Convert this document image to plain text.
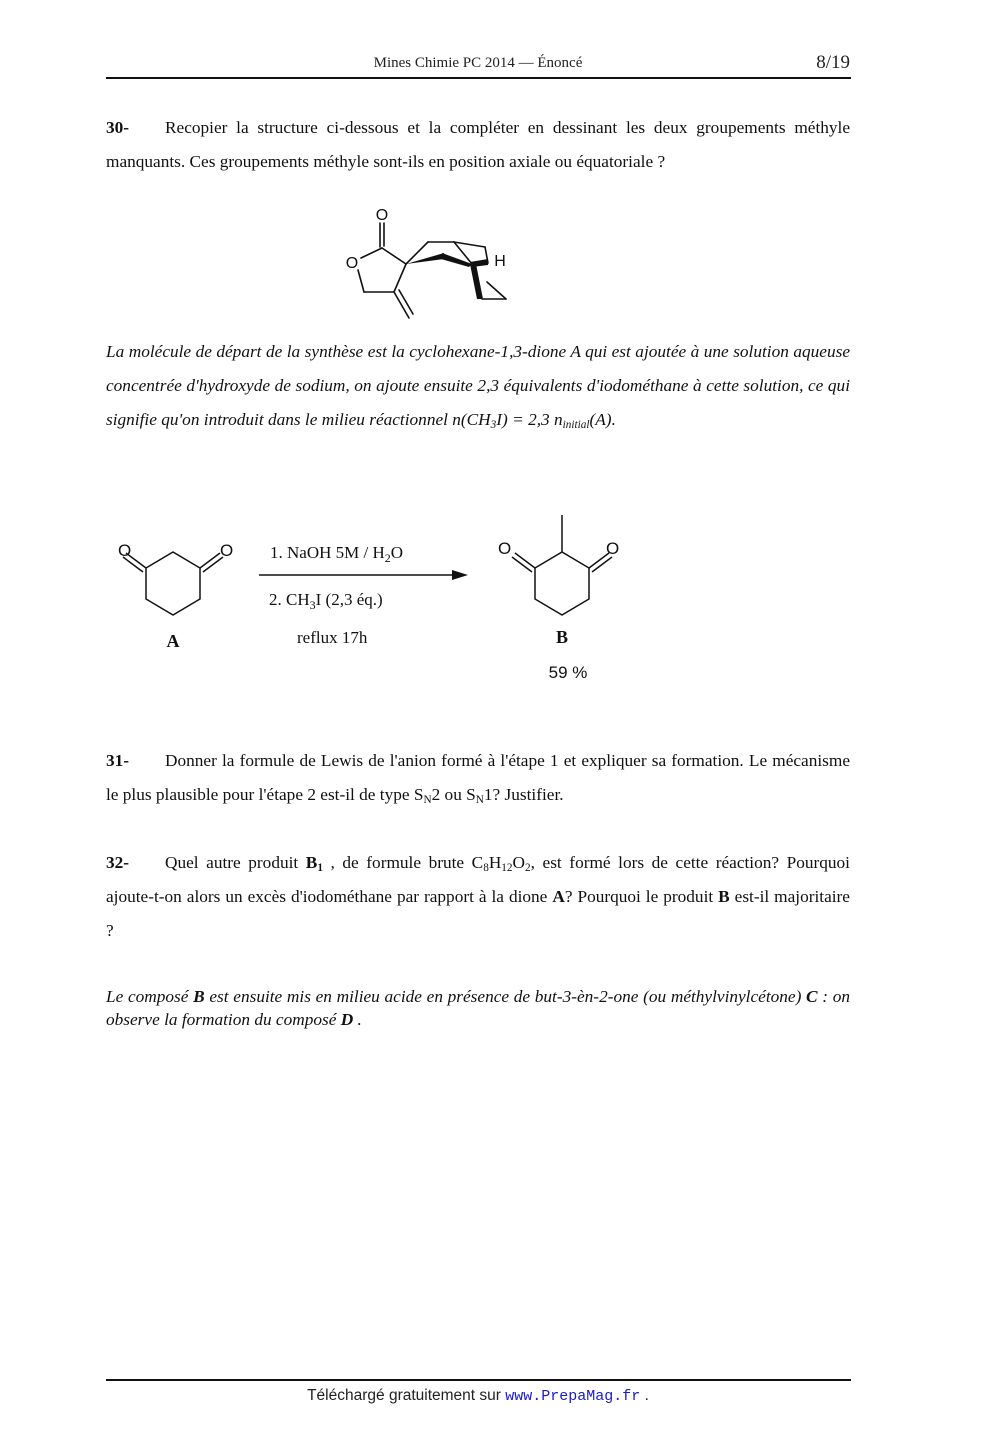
Mines Chimie PC 2014 — Énoncé	8/19
30- Recopier la structure ci-dessous et la compléter en dessinant les deux groupements méthyle manquants. Ces groupements méthyle sont-ils en position axiale ou équatoriale ?
O
O	H
La molécule de départ de la synthèse est la cyclohexane-1,3-dione A qui est ajoutée à une solution aqueuse concentrée d'hydroxyde de sodium, on ajoute ensuite 2,3 équivalents d'iodométhane à cette solution, ce qui signifie qu'on introduit dans le milieu réactionnel $n(CH_3I) = 2,3$ $n_{initial}(A)$.
O	O	O	O
A	B
59 %
1. NaOH $5M / H_2O$
2. $CH_3I$ (2,3 éq.)
reflux 17h
31- Donner la formule de Lewis de l'anion formé à l'étape 1 et expliquer sa formation. Le mécanisme le plus plausible pour l'étape 2 est-il de type $S_N2$ ou $S_N1$? Justifier.
32- Quel autre produit $B_1$ , de formule brute $C_8H_{12}O_2$, est formé lors de cette réaction? Pourquoi ajoute-t-on alors un excès d'iodométhane par rapport à la dione A? Pourquoi le produit B est-il majoritaire ?
Le composé B est ensuite mis en milieu acide en présence de but-3-èn-2-one (ou méthylvinylcétone) C : on observe la formation du composé D .
Téléchargé gratuitement sur www.PrepaMag.fr .
